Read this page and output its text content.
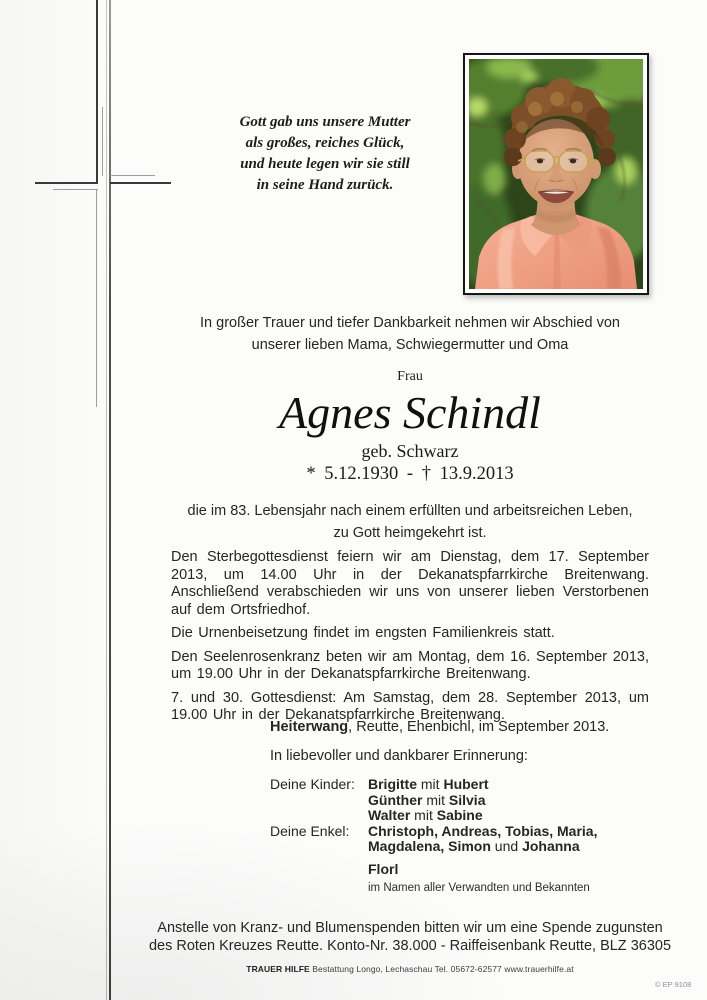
Gott gab uns unsere Mutter
als großes, reiches Glück,
und heute legen wir sie still
in seine Hand zurück.
In großer Trauer und tiefer Dankbarkeit nehmen wir Abschied von
unserer lieben Mama, Schwiegermutter und Oma
Frau
Agnes Schindl
geb. Schwarz
* 5.12.1930 - † 13.9.2013
die im 83. Lebensjahr nach einem erfüllten und arbeitsreichen Leben,
zu Gott heimgekehrt ist.

Den Sterbegottesdienst feiern wir am Dienstag, dem 17. September 2013, um 14.00 Uhr in der Dekanatspfarrkirche Breitenwang. Anschließend verabschieden wir uns von unserer lieben Verstorbenen auf dem Ortsfriedhof.

Die Urnenbeisetzung findet im engsten Familienkreis statt.

Den Seelenrosenkranz beten wir am Montag, dem 16. September 2013, um 19.00 Uhr in der Dekanatspfarrkirche Breitenwang.

7. und 30. Gottesdienst: Am Samstag, dem 28. September 2013, um 19.00 Uhr in der Dekanatspfarrkirche Breitenwang.

Heiterwang, Reutte, Ehenbichl, im September 2013.
In liebevoller und dankbarer Erinnerung:
Deine Kinder:
Deine Enkel:
Brigitte mit Hubert
Günther mit Silvia
Walter mit Sabine
Christoph, Andreas, Tobias, Maria,
Magdalena, Simon und Johanna
Florl
im Namen aller Verwandten und Bekannten
Anstelle von Kranz- und Blumenspenden bitten wir um eine Spende zugunsten
des Roten Kreuzes Reutte. Konto-Nr. 38.000 - Raiffeisenbank Reutte, BLZ 36305
TRAUER HILFE Bestattung Longo, Lechaschau Tel. 05672-62577 www.trauerhilfe.at
© EP 9108
